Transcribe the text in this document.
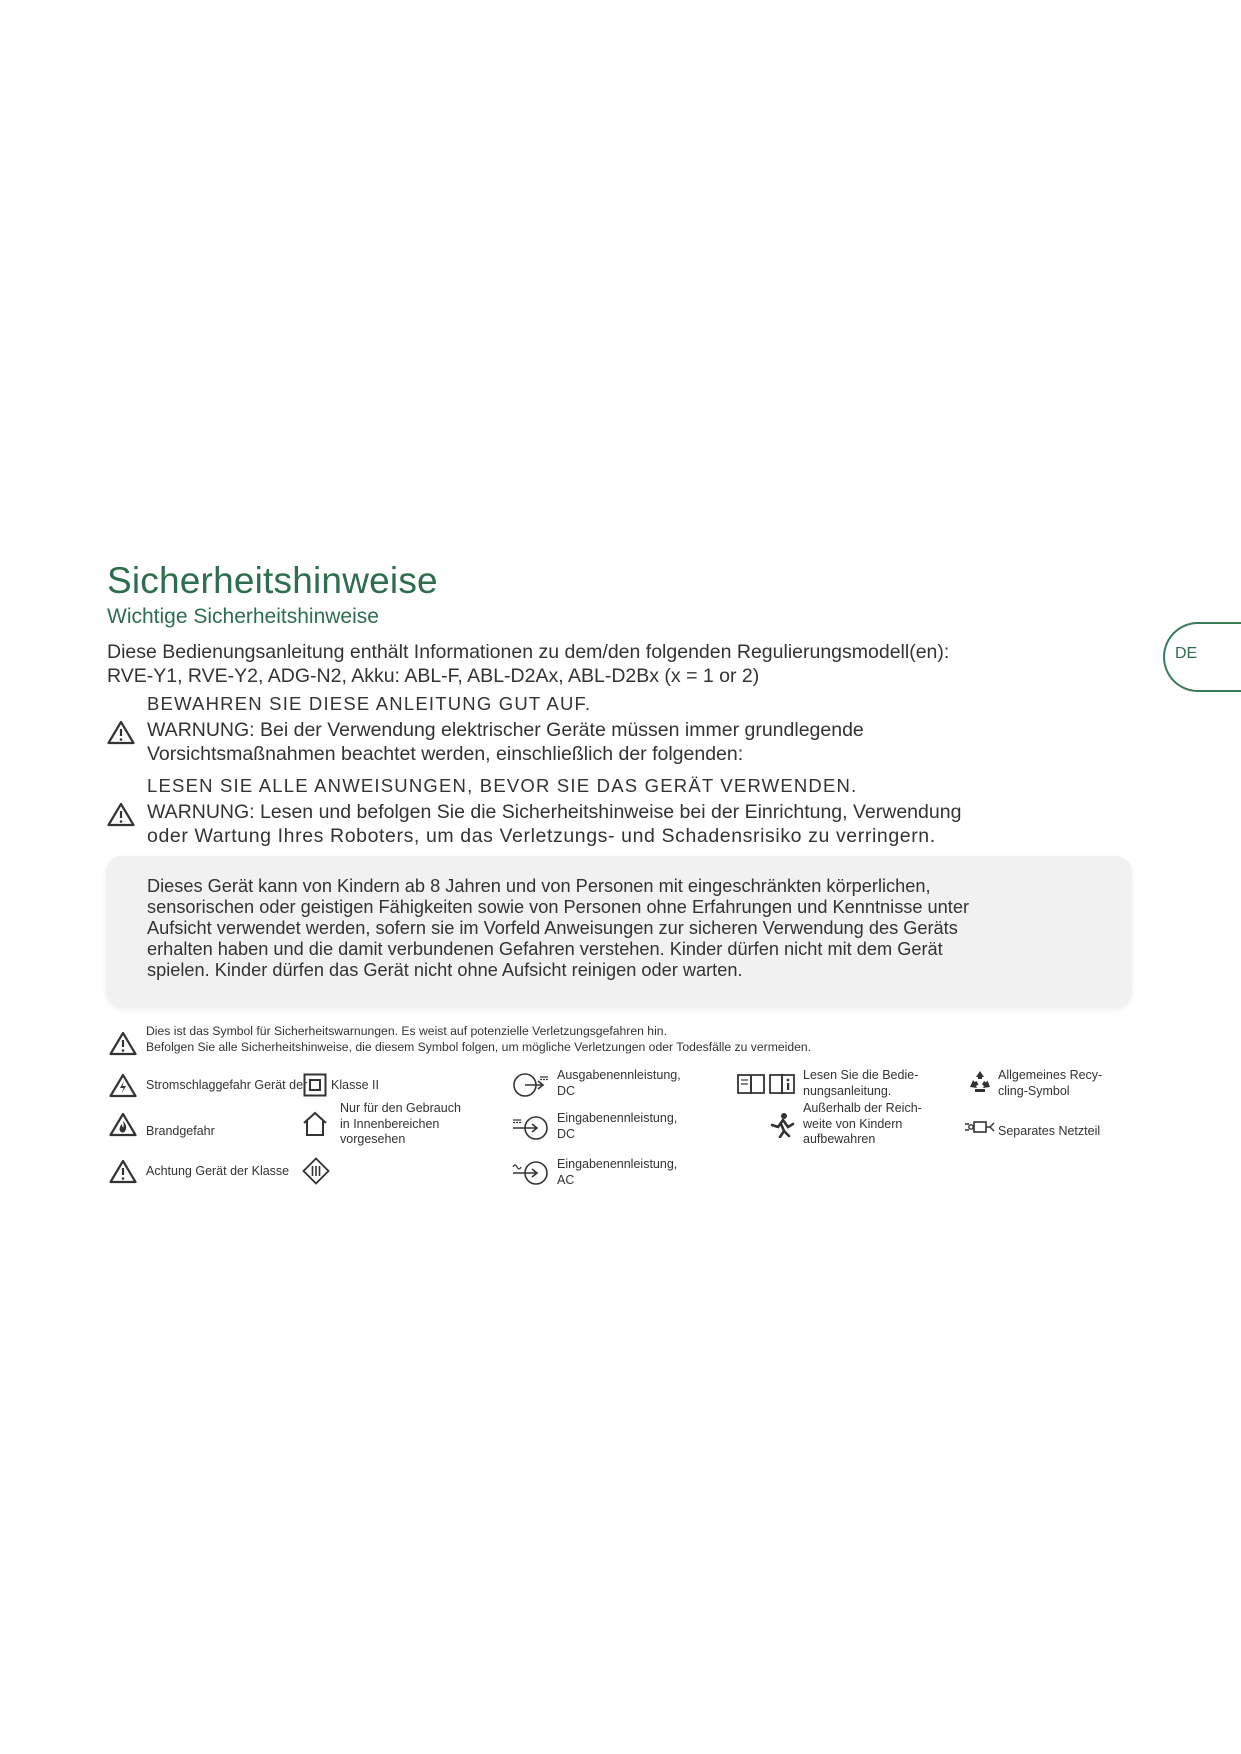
Sicherheitshinweise
Wichtige Sicherheitshinweise
DE
Diese Bedienungsanleitung enthält Informationen zu dem/den folgenden Regulierungsmodell(en):
RVE-Y1, RVE-Y2, ADG-N2, Akku: ABL-F, ABL-D2Ax, ABL-D2Bx (x = 1 or 2)
BEWAHREN SIE DIESE ANLEITUNG GUT AUF.
WARNUNG: Bei der Verwendung elektrischer Geräte müssen immer grundlegende
Vorsichtsmaßnahmen beachtet werden, einschließlich der folgenden:
LESEN SIE ALLE ANWEISUNGEN, BEVOR SIE DAS GERÄT VERWENDEN.
WARNUNG: Lesen und befolgen Sie die Sicherheitshinweise bei der Einrichtung, Verwendung
oder Wartung Ihres Roboters, um das Verletzungs- und Schadensrisiko zu verringern.
Dieses Gerät kann von Kindern ab 8 Jahren und von Personen mit eingeschränkten körperlichen,
sensorischen oder geistigen Fähigkeiten sowie von Personen ohne Erfahrungen und Kenntnisse unter
Aufsicht verwendet werden, sofern sie im Vorfeld Anweisungen zur sicheren Verwendung des Geräts
erhalten haben und die damit verbundenen Gefahren verstehen. Kinder dürfen nicht mit dem Gerät
spielen. Kinder dürfen das Gerät nicht ohne Aufsicht reinigen oder warten.
Dies ist das Symbol für Sicherheitswarnungen. Es weist auf potenzielle Verletzungsgefahren hin.
Befolgen Sie alle Sicherheitshinweise, die diesem Symbol folgen, um mögliche Verletzungen oder Todesfälle zu vermeiden.
Stromschlaggefahr Gerät der Klasse II
Ausgabenennleistung,
DC
Lesen Sie die Bedie-
nungsanleitung.
Allgemeines Recy-
cling-Symbol
Brandgefahr
Nur für den Gebrauch
in Innenbereichen
vorgesehen
Eingabenennleistung,
DC
Außerhalb der Reich-
weite von Kindern
aufbewahren
Separates Netzteil
Achtung Gerät der Klasse	Eingabenennleistung,
AC
